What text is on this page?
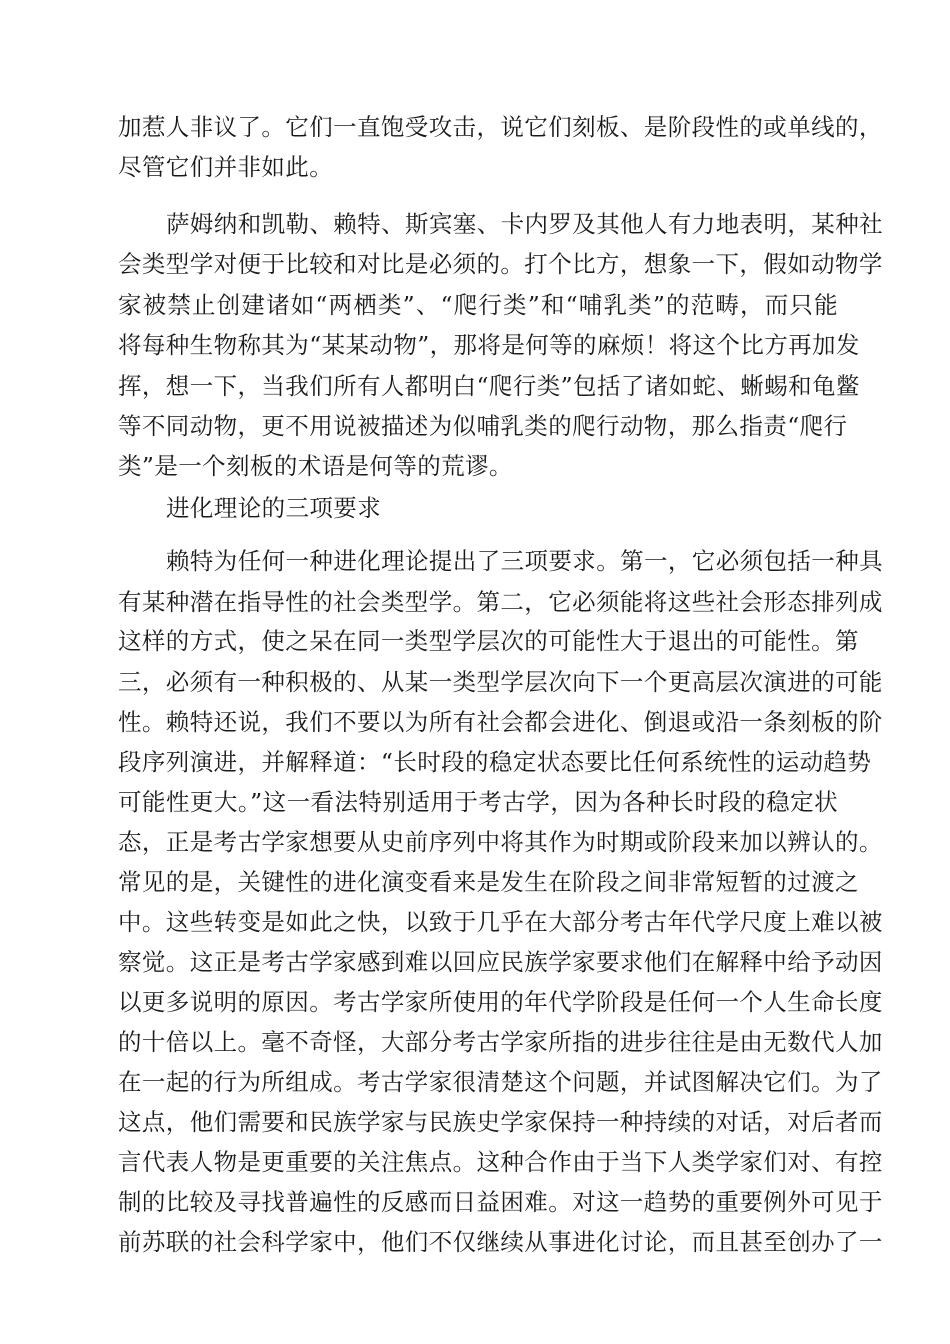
加惹人非议了。它们一直饱受攻击，说它们刻板、是阶段性的或单线的，
尽管它们并非如此。
萨姆纳和凯勒、赖特、斯宾塞、卡内罗及其他人有力地表明，某种社
会类型学对便于比较和对比是必须的。打个比方，想象一下，假如动物学
家被禁止创建诸如“两栖类”、“爬行类”和“哺乳类”的范畴，而只能
将每种生物称其为“某某动物”，那将是何等的麻烦！将这个比方再加发
挥，想一下，当我们所有人都明白“爬行类”包括了诸如蛇、蜥蜴和龟鳖
等不同动物，更不用说被描述为似哺乳类的爬行动物，那么指责“爬行
类”是一个刻板的术语是何等的荒谬。
进化理论的三项要求
赖特为任何一种进化理论提出了三项要求。第一，它必须包括一种具
有某种潜在指导性的社会类型学。第二，它必须能将这些社会形态排列成
这样的方式，使之呆在同一类型学层次的可能性大于退出的可能性。第
三，必须有一种积极的、从某一类型学层次向下一个更高层次演进的可能
性。赖特还说，我们不要以为所有社会都会进化、倒退或沿一条刻板的阶
段序列演进，并解释道：“长时段的稳定状态要比任何系统性的运动趋势
可能性更大。”这一看法特别适用于考古学，因为各种长时段的稳定状
态，正是考古学家想要从史前序列中将其作为时期或阶段来加以辨认的。
常见的是，关键性的进化演变看来是发生在阶段之间非常短暂的过渡之
中。这些转变是如此之快，以致于几乎在大部分考古年代学尺度上难以被
察觉。这正是考古学家感到难以回应民族学家要求他们在解释中给予动因
以更多说明的原因。考古学家所使用的年代学阶段是任何一个人生命长度
的十倍以上。毫不奇怪，大部分考古学家所指的进步往往是由无数代人加
在一起的行为所组成。考古学家很清楚这个问题，并试图解决它们。为了
这点，他们需要和民族学家与民族史学家保持一种持续的对话，对后者而
言代表人物是更重要的关注焦点。这种合作由于当下人类学家们对、有控
制的比较及寻找普遍性的反感而日益困难。对这一趋势的重要例外可见于
前苏联的社会科学家中，他们不仅继续从事进化讨论，而且甚至创办了一
